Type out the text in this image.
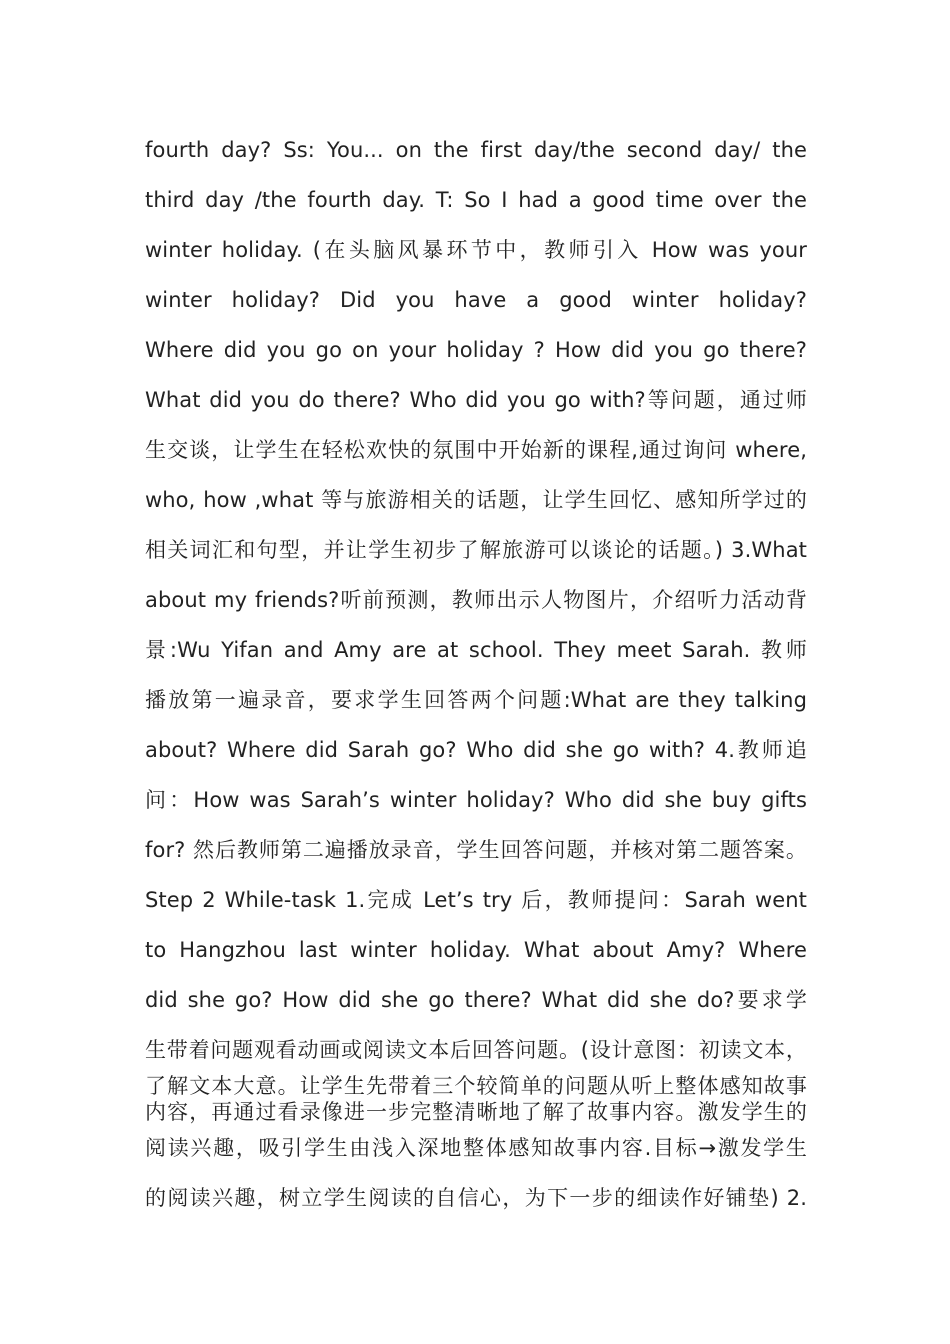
fourth day? Ss: You... on the first day/the second day/ the
third day /the fourth day. T: So I had a good time over the
winter holiday. (在头脑风暴环节中，教师引入 How was your
winter holiday? Did you have a good winter holiday?
Where did you go on your holiday ? How did you go there?
What did you do there? Who did you go with?等问题，通过师
生交谈，让学生在轻松欢快的氛围中开始新的课程,通过询问 where,
who, how ,what 等与旅游相关的话题，让学生回忆、感知所学过的
相关词汇和句型，并让学生初步了解旅游可以谈论的话题。) 3.What
about my friends?听前预测，教师出示人物图片，介绍听力活动背
景:Wu Yifan and Amy are at school. They meet Sarah. 教师
播放第一遍录音，要求学生回答两个问题:What are they talking
about? Where did Sarah go? Who did she go with? 4.教师追
问：How was Sarah’s winter holiday? Who did she buy gifts
for? 然后教师第二遍播放录音，学生回答问题，并核对第二题答案。
Step 2 While-task 1.完成 Let’s try 后，教师提问：Sarah went
to Hangzhou last winter holiday. What about Amy? Where
did she go? How did she go there? What did she do?要求学
生带着问题观看动画或阅读文本后回答问题。(设计意图：初读文本，
了解文本大意。让学生先带着三个较简单的问题从听上整体感知故事
内容，再通过看录像进一步完整清晰地了解了故事内容。激发学生的
阅读兴趣，吸引学生由浅入深地整体感知故事内容.目标→激发学生
的阅读兴趣，树立学生阅读的自信心，为下一步的细读作好铺垫) 2.
